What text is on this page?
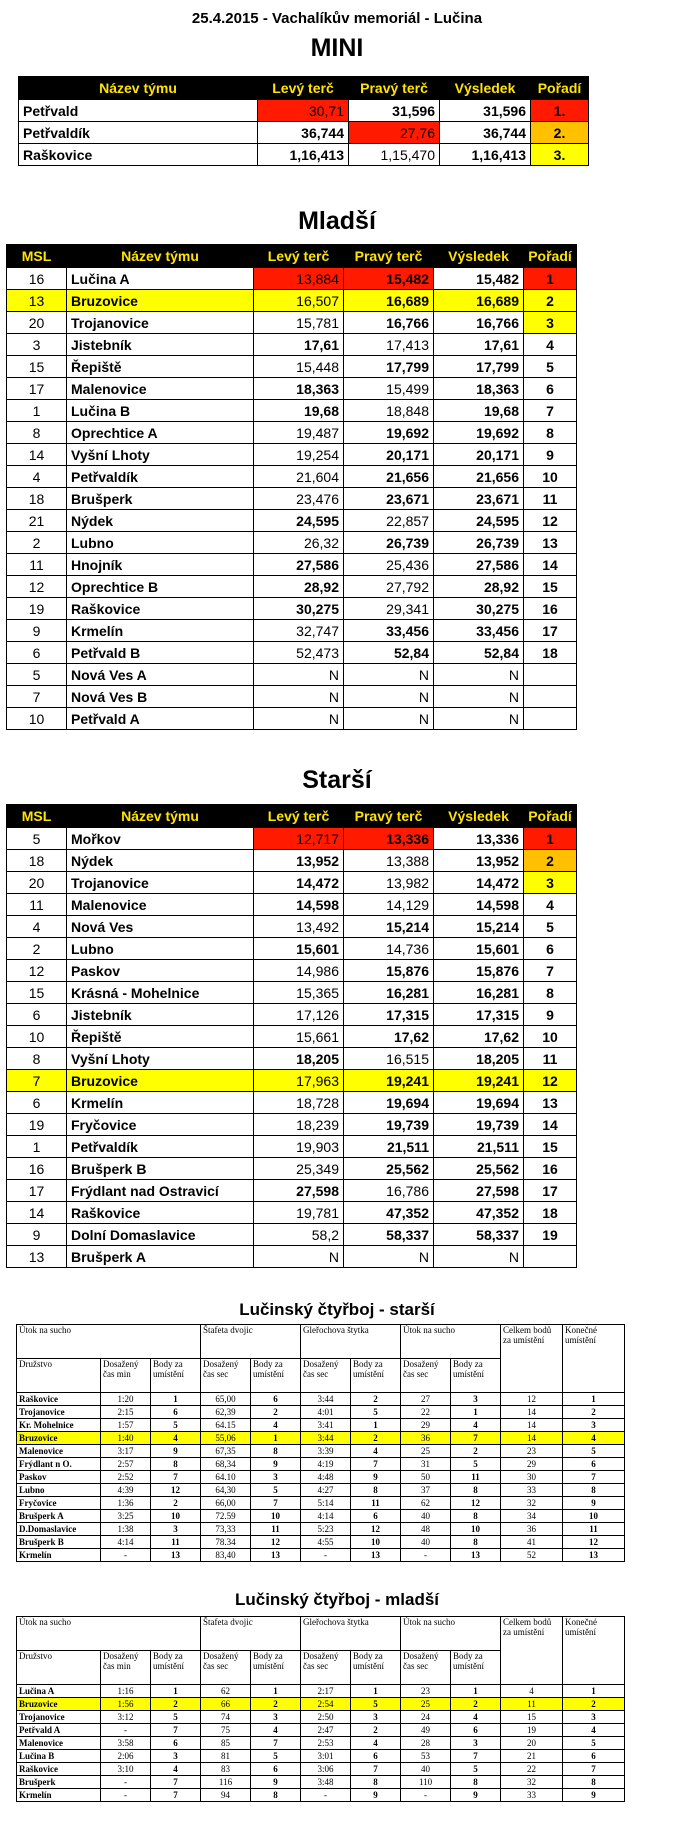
25.4.2015 - Vachalíkův memoriál - Lučina
MINI
Název týmu	Levý terč	Pravý terč	Výsledek	Pořadí
Petřvald	30,71	31,596	31,596	1.
Petřvaldík	36,744	27,76	36,744	2.
Raškovice	1,16,413	1,15,470	1,16,413	3.
Mladší
MSL	Název týmu	Levý terč	Pravý terč	Výsledek	Pořadí
16	Lučina A	13,884	15,482	15,482	1
13	Bruzovice	16,507	16,689	16,689	2
20	Trojanovice	15,781	16,766	16,766	3
3	Jistebník	17,61	17,413	17,61	4
15	Řepiště	15,448	17,799	17,799	5
17	Malenovice	18,363	15,499	18,363	6
1	Lučina B	19,68	18,848	19,68	7
8	Oprechtice A	19,487	19,692	19,692	8
14	Vyšní Lhoty	19,254	20,171	20,171	9
4	Petřvaldík	21,604	21,656	21,656	10
18	Brušperk	23,476	23,671	23,671	11
21	Nýdek	24,595	22,857	24,595	12
2	Lubno	26,32	26,739	26,739	13
11	Hnojník	27,586	25,436	27,586	14
12	Oprechtice B	28,92	27,792	28,92	15
19	Raškovice	30,275	29,341	30,275	16
9	Krmelín	32,747	33,456	33,456	17
6	Petřvald B	52,473	52,84	52,84	18
5	Nová Ves A	N	N	N	
7	Nová Ves B	N	N	N	
10	Petřvald A	N	N	N	
Starší
MSL	Název týmu	Levý terč	Pravý terč	Výsledek	Pořadí
5	Mořkov	12,717	13,336	13,336	1
18	Nýdek	13,952	13,388	13,952	2
20	Trojanovice	14,472	13,982	14,472	3
11	Malenovice	14,598	14,129	14,598	4
4	Nová Ves	13,492	15,214	15,214	5
2	Lubno	15,601	14,736	15,601	6
12	Paskov	14,986	15,876	15,876	7
15	Krásná - Mohelnice	15,365	16,281	16,281	8
6	Jistebník	17,126	17,315	17,315	9
10	Řepiště	15,661	17,62	17,62	10
8	Vyšní Lhoty	18,205	16,515	18,205	11
7	Bruzovice	17,963	19,241	19,241	12
6	Krmelín	18,728	19,694	19,694	13
19	Fryčovice	18,239	19,739	19,739	14
1	Petřvaldík	19,903	21,511	21,511	15
16	Brušperk B	25,349	25,562	25,562	16
17	Frýdlant nad Ostravicí	27,598	16,786	27,598	17
14	Raškovice	19,781	47,352	47,352	18
9	Dolní Domaslavice	58,2	58,337	58,337	19
13	Brušperk A	N	N	N	
Lučinský čtyřboj - starší
Útok na sucho			Štafeta dvojic		Gleřochova štytka		Útok na sucho		Celkem bodů za umístění	Konečné umístění
Družstvo	Dosažený čas min	Body za umístění	Dosažený čas sec	Body za umístění	Dosažený čas sec	Body za umístění	Dosažený čas sec	Body za umístění		
Raškovice	1:20	1	65,00	6	3:44	2	27	3	12	1
Trojanovice	2:15	6	62,39	2	4:01	5	22	1	14	2
Kr. Mohelnice	1:57	5	64.15	4	3:41	1	29	4	14	3
Bruzovice	1:40	4	55,06	1	3:44	2	36	7	14	4
Malenovice	3:17	9	67,35	8	3:39	4	25	2	23	5
Frýdlant n O.	2:57	8	68,34	9	4:19	7	31	5	29	6
Paskov	2:52	7	64.10	3	4:48	9	50	11	30	7
Lubno	4:39	12	64,30	5	4:27	8	37	8	33	8
Fryčovice	1:36	2	66,00	7	5:14	11	62	12	32	9
Brušperk A	3:25	10	72.59	10	4:14	6	40	8	34	10
D.Domaslavice	1:38	3	73,33	11	5:23	12	48	10	36	11
Brušperk B	4:14	11	78.34	12	4:55	10	40	8	41	12
Krmelín	-	13	83,40	13	-	13	-	13	52	13
Lučinský čtyřboj - mladší
Útok na sucho			Štafeta dvojic		Gleřochova štytka		Útok na sucho		Celkem bodů za umístění	Konečné umístění
Družstvo	Dosažený čas min	Body za umístění	Dosažený čas sec	Body za umístění	Dosažený čas sec	Body za umístění	Dosažený čas sec	Body za umístění		
Lučina A	1:16	1	62	1	2:17	1	23	1	4	1
Bruzovice	1:56	2	66	2	2:54	5	25	2	11	2
Trojanovice	3:12	5	74	3	2:50	3	24	4	15	3
Petřvald A	-	7	75	4	2:47	2	49	6	19	4
Malenovice	3:58	6	85	7	2:53	4	28	3	20	5
Lučina B	2:06	3	81	5	3:01	6	53	7	21	6
Raškovice	3:10	4	83	6	3:06	7	40	5	22	7
Brušperk	-	7	116	9	3:48	8	110	8	32	8
Krmelín	-	7	94	8	-	9	-	9	33	9
